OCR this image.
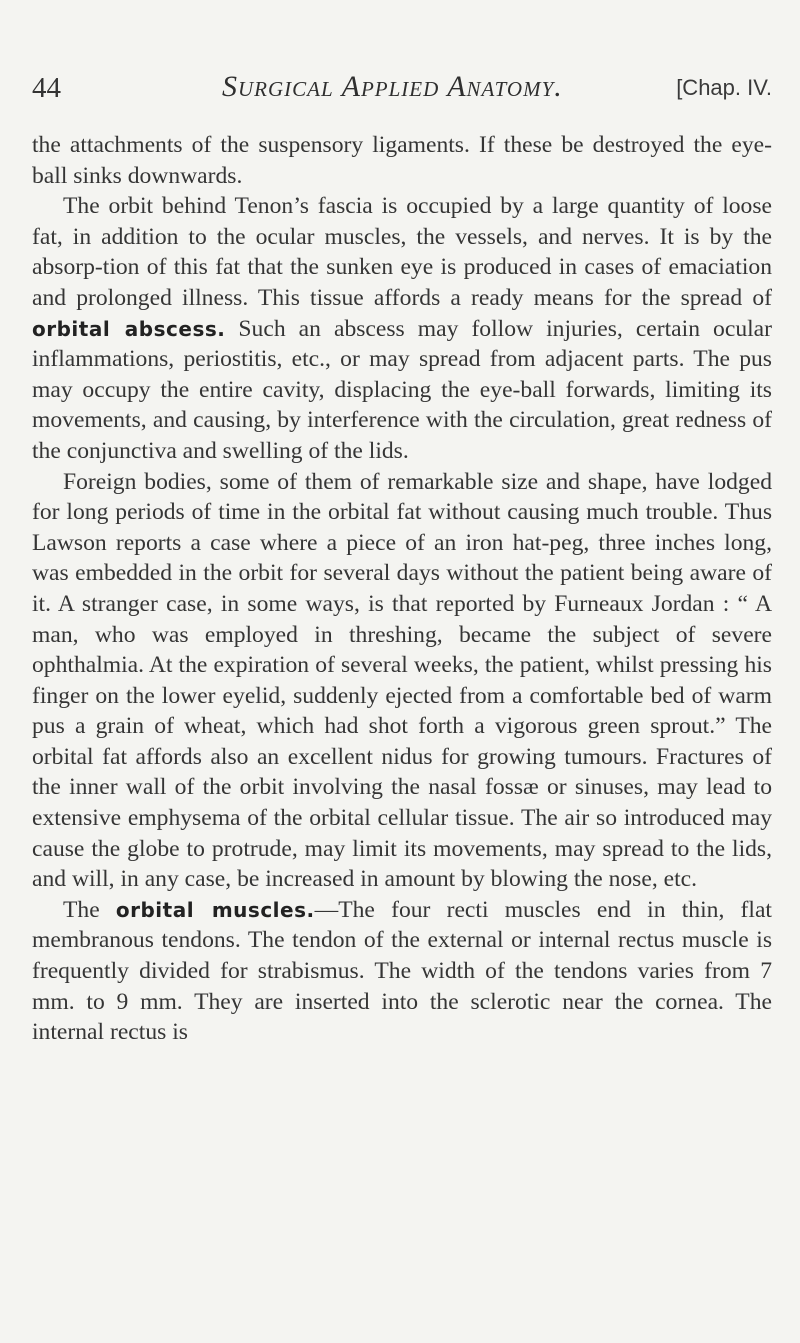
44	Surgical Applied Anatomy.	[Chap. IV.

the attachments of the suspensory ligaments. If these be destroyed the eye-ball sinks downwards.

The orbit behind Tenon’s fascia is occupied by a large quantity of loose fat, in addition to the ocular muscles, the vessels, and nerves. It is by the absorp-tion of this fat that the sunken eye is produced in cases of emaciation and prolonged illness. This tissue affords a ready means for the spread of orbital abscess. Such an abscess may follow injuries, certain ocular inflammations, periostitis, etc., or may spread from adjacent parts. The pus may occupy the entire cavity, displacing the eye-ball forwards, limiting its movements, and causing, by interference with the circulation, great redness of the conjunctiva and swelling of the lids.

Foreign bodies, some of them of remarkable size and shape, have lodged for long periods of time in the orbital fat without causing much trouble. Thus Lawson reports a case where a piece of an iron hat-peg, three inches long, was embedded in the orbit for several days without the patient being aware of it. A stranger case, in some ways, is that reported by Furneaux Jordan : “ A man, who was employed in threshing, became the subject of severe ophthalmia. At the expiration of several weeks, the patient, whilst pressing his finger on the lower eyelid, suddenly ejected from a comfortable bed of warm pus a grain of wheat, which had shot forth a vigorous green sprout.” The orbital fat affords also an excellent nidus for growing tumours. Fractures of the inner wall of the orbit involving the nasal fossæ or sinuses, may lead to extensive emphysema of the orbital cellular tissue. The air so introduced may cause the globe to protrude, may limit its movements, may spread to the lids, and will, in any case, be increased in amount by blowing the nose, etc.

The orbital muscles.—The four recti muscles end in thin, flat membranous tendons. The tendon of the external or internal rectus muscle is frequently divided for strabismus. The width of the tendons varies from 7 mm. to 9 mm. They are inserted into the sclerotic near the cornea. The internal rectus is
